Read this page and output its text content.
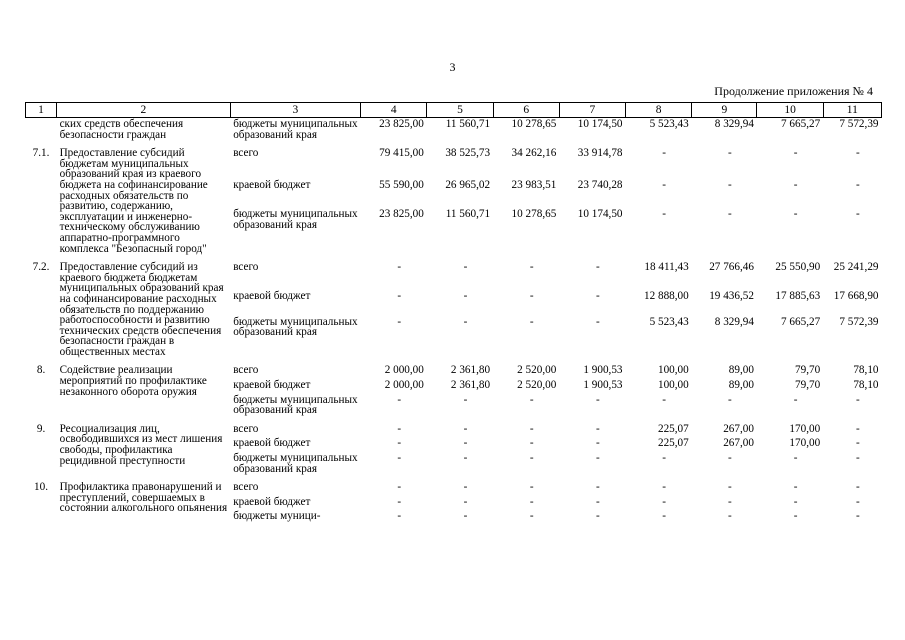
3
Продолжение приложения № 4
1	2	3	4	5	6	7	8	9	10	11
	ских средств обеспечения безопасности граждан	бюджеты муниципальных образований края	23 825,00	11 560,71	10 278,65	10 174,50	5 523,43	8 329,94	7 665,27	7 572,39
7.1.	Предоставление субсидий бюджетам муниципальных образований края из краевого бюджета на софинансирование расходных обязательств по развитию, содержанию, эксплуатации и инженерно-техническому обслуживанию аппаратно-программного комплекса "Безопасный город"	всего	79 415,00	38 525,73	34 262,16	33 914,78	-	-	-	-
		краевой бюджет	55 590,00	26 965,02	23 983,51	23 740,28	-	-	-	-
		бюджеты муниципальных образований края	23 825,00	11 560,71	10 278,65	10 174,50	-	-	-	-
7.2.	Предоставление субсидий из краевого бюджета бюджетам муниципальных образований края на софинансирование расходных обязательств по поддержанию работоспособности и развитию технических средств обеспечения безопасности граждан в общественных местах	всего	-	-	-	-	18 411,43	27 766,46	25 550,90	25 241,29
		краевой бюджет	-	-	-	-	12 888,00	19 436,52	17 885,63	17 668,90
		бюджеты муниципальных образований края	-	-	-	-	5 523,43	8 329,94	7 665,27	7 572,39
8.	Содействие реализации мероприятий по профилактике незаконного оборота оружия	всего	2 000,00	2 361,80	2 520,00	1 900,53	100,00	89,00	79,70	78,10
		краевой бюджет	2 000,00	2 361,80	2 520,00	1 900,53	100,00	89,00	79,70	78,10
		бюджеты муниципальных образований края	-	-	-	-	-	-	-	-
9.	Ресоциализация лиц, освободившихся из мест лишения свободы, профилактика рецидивной преступности	всего	-	-	-	-	225,07	267,00	170,00	-
		краевой бюджет	-	-	-	-	225,07	267,00	170,00	-
		бюджеты муниципальных образований края	-	-	-	-	-	-	-	-
10.	Профилактика правонарушений и преступлений, совершаемых в состоянии алкогольного опьянения	всего	-	-	-	-	-	-	-	-
		краевой бюджет	-	-	-	-	-	-	-	-
		бюджеты муници-	-	-	-	-	-	-	-	-
